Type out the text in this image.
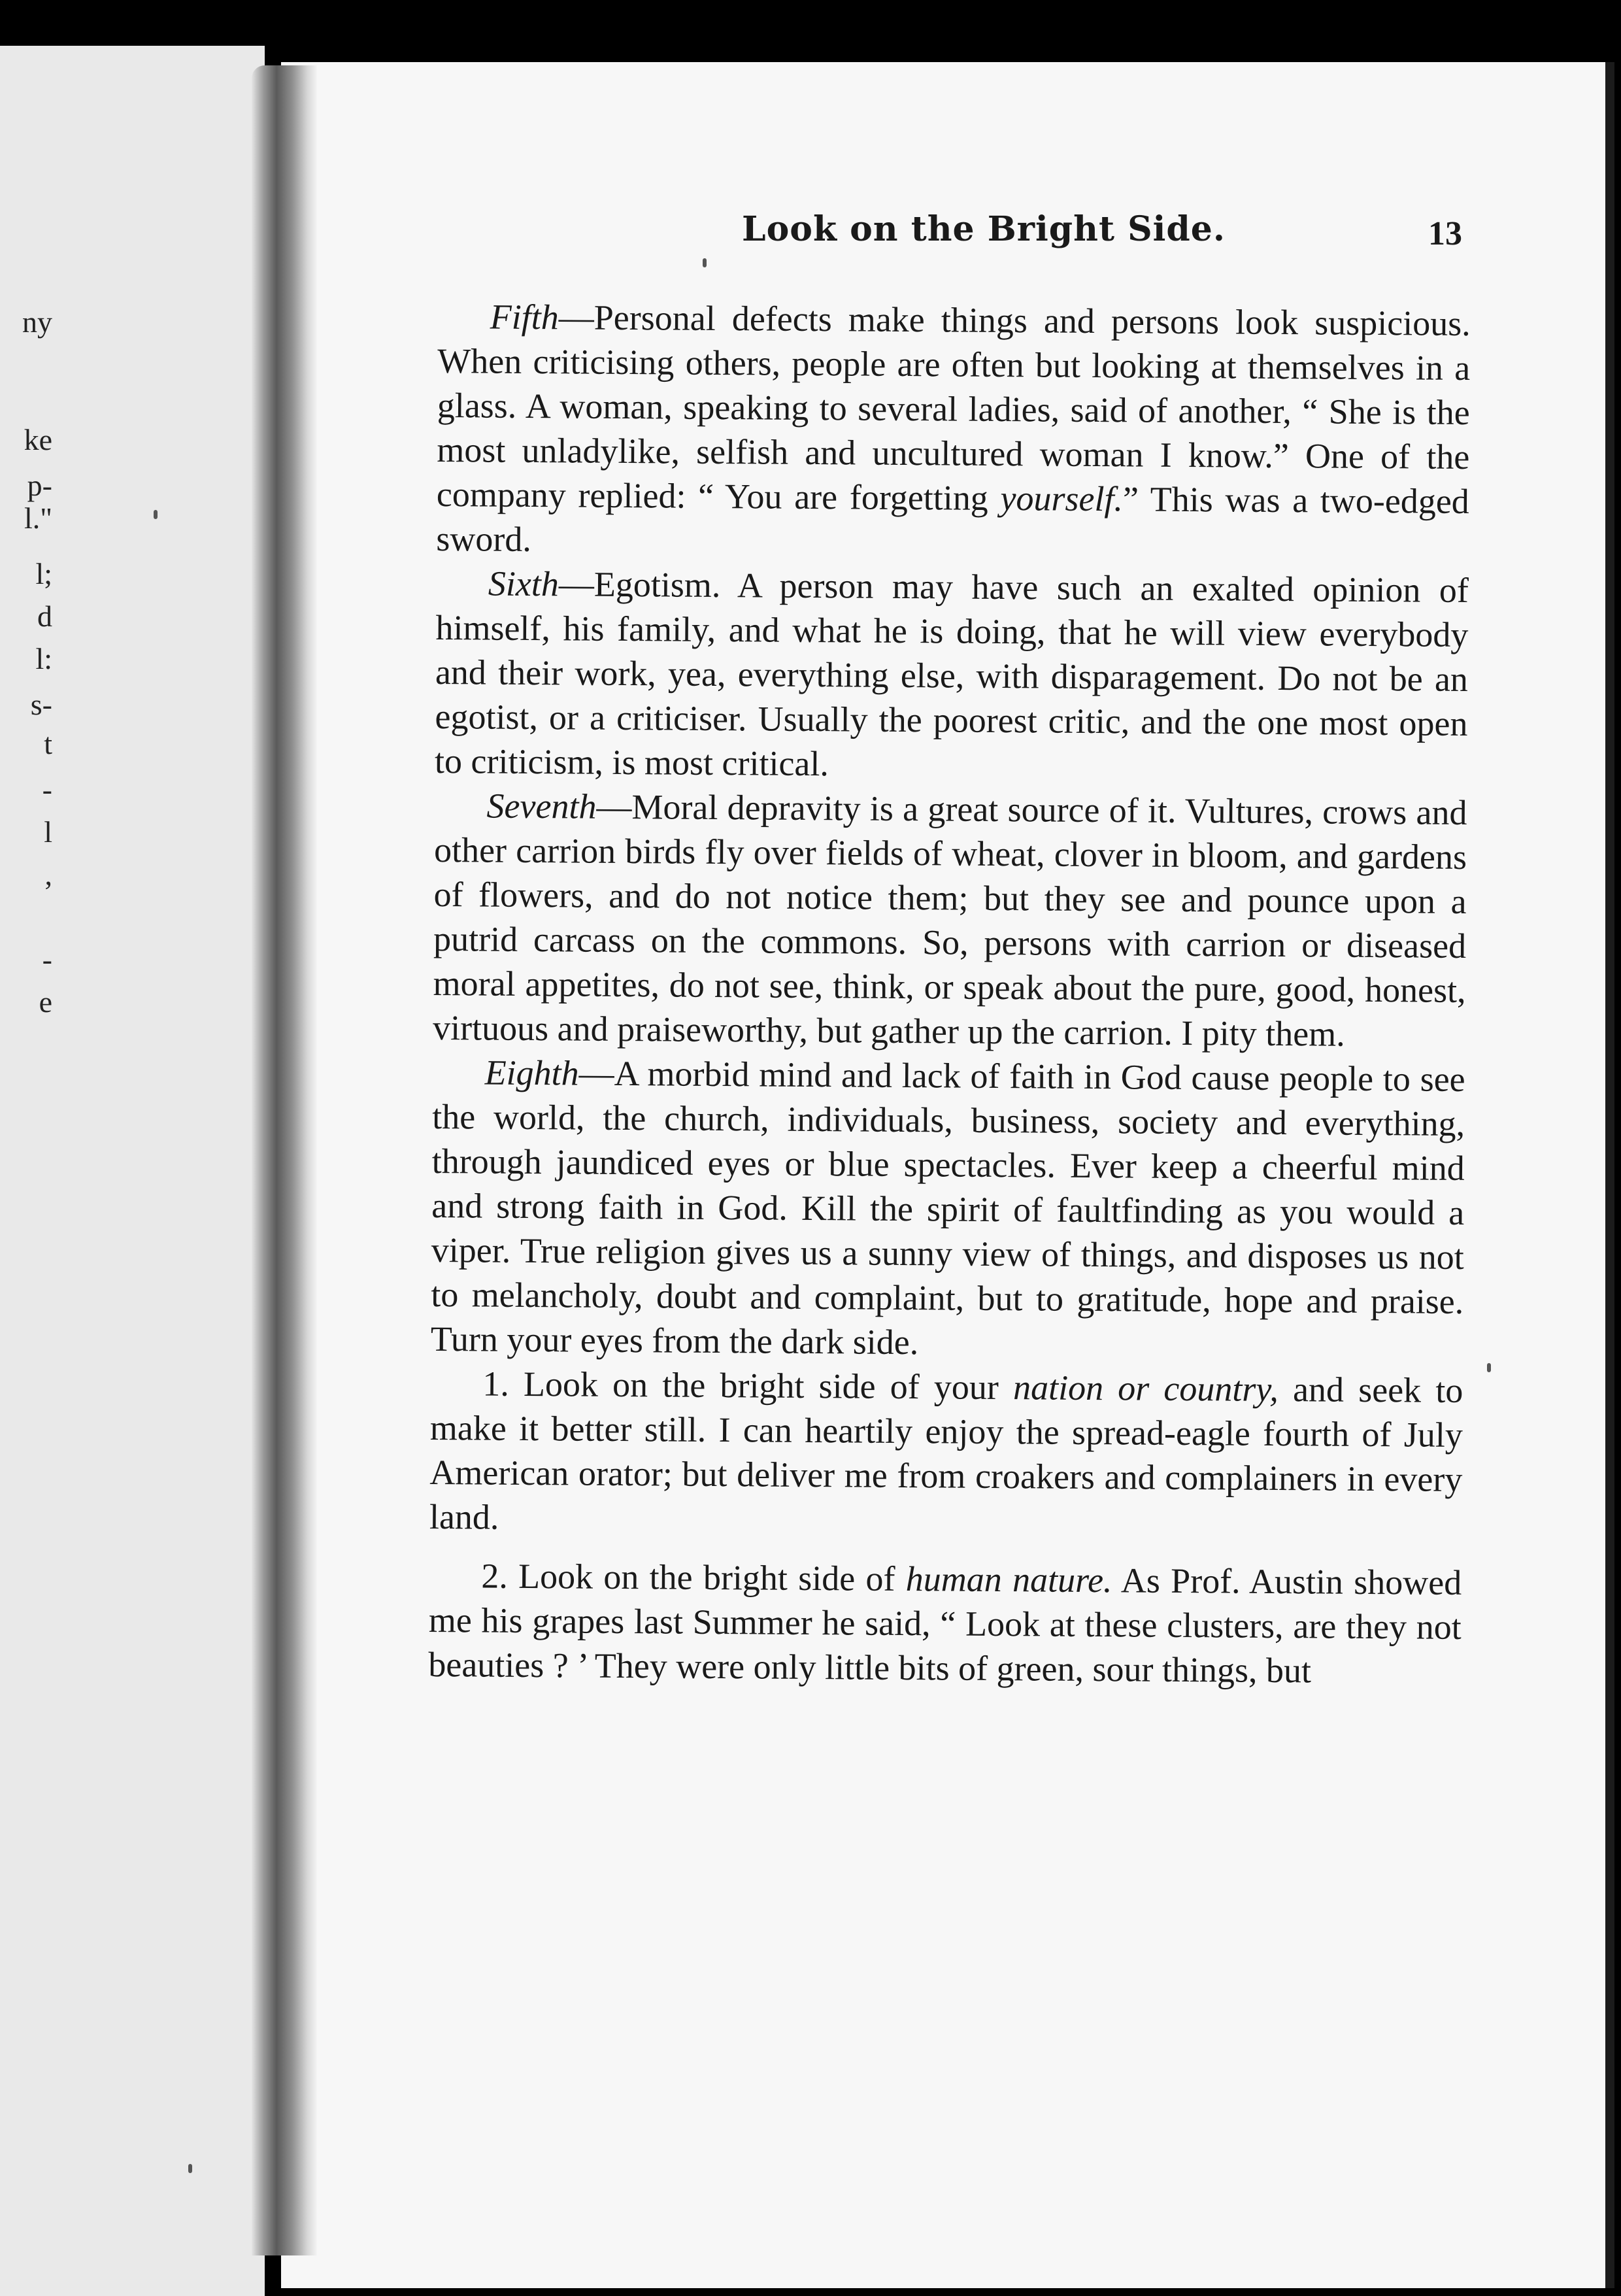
ny
ke
p-
l."
l;
d
l:
s-
t
-
l
,
-
e
Look on the Bright Side.	13

Fifth—Personal defects make things and persons look suspicious. When criticising others, people are often but looking at themselves in a glass. A woman, speaking to several ladies, said of another, “ She is the most unladylike, selfish and uncultured woman I know.” One of the company replied: “ You are forgetting yourself.” This was a two-edged sword.

Sixth—Egotism. A person may have such an exalted opinion of himself, his family, and what he is doing, that he will view everybody and their work, yea, everything else, with disparagement. Do not be an egotist, or a criticiser. Usually the poorest critic, and the one most open to criticism, is most critical.

Seventh—Moral depravity is a great source of it. Vultures, crows and other carrion birds fly over fields of wheat, clover in bloom, and gardens of flowers, and do not notice them; but they see and pounce upon a putrid carcass on the commons. So, persons with carrion or diseased moral appetites, do not see, think, or speak about the pure, good, honest, virtuous and praiseworthy, but gather up the carrion. I pity them.

Eighth—A morbid mind and lack of faith in God cause people to see the world, the church, individuals, business, society and everything, through jaundiced eyes or blue spectacles. Ever keep a cheerful mind and strong faith in God. Kill the spirit of faultfinding as you would a viper. True religion gives us a sunny view of things, and disposes us not to melancholy, doubt and complaint, but to gratitude, hope and praise. Turn your eyes from the dark side.

1. Look on the bright side of your nation or country, and seek to make it better still. I can heartily enjoy the spread-eagle fourth of July American orator; but deliver me from croakers and complainers in every land.

2. Look on the bright side of human nature. As Prof. Austin showed me his grapes last Summer he said, “ Look at these clusters, are they not beauties ? ’ They were only little bits of green, sour things, but
